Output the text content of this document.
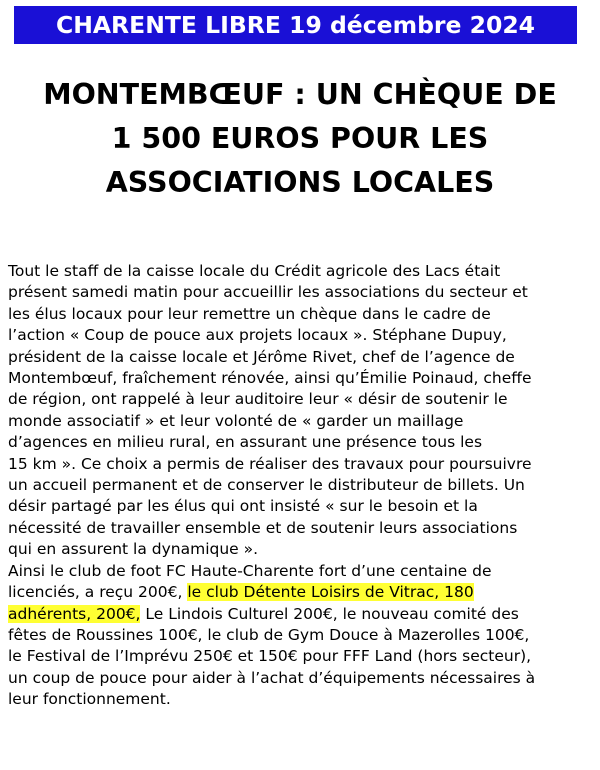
CHARENTE LIBRE 19 décembre 2024
MONTEMBŒUF : UN CHÈQUE DE
1 500 EUROS POUR LES
ASSOCIATIONS LOCALES
Tout le staff de la caisse locale du Crédit agricole des Lacs était
présent samedi matin pour accueillir les associations du secteur et
les élus locaux pour leur remettre un chèque dans le cadre de
l’action « Coup de pouce aux projets locaux ». Stéphane Dupuy,
président de la caisse locale et Jérôme Rivet, chef de l’agence de
Montembœuf, fraîchement rénovée, ainsi qu’Émilie Poinaud, cheffe
de région, ont rappelé à leur auditoire leur « désir de soutenir le
monde associatif » et leur volonté de « garder un maillage
d’agences en milieu rural, en assurant une présence tous les
15 km ». Ce choix a permis de réaliser des travaux pour poursuivre
un accueil permanent et de conserver le distributeur de billets. Un
désir partagé par les élus qui ont insisté « sur le besoin et la
nécessité de travailler ensemble et de soutenir leurs associations
qui en assurent la dynamique ».
Ainsi le club de foot FC Haute-Charente fort d’une centaine de
licenciés, a reçu 200€, le club Détente Loisirs de Vitrac, 180
adhérents, 200€, Le Lindois Culturel 200€, le nouveau comité des
fêtes de Roussines 100€, le club de Gym Douce à Mazerolles 100€,
le Festival de l’Imprévu 250€ et 150€ pour FFF Land (hors secteur),
un coup de pouce pour aider à l’achat d’équipements nécessaires à
leur fonctionnement.
